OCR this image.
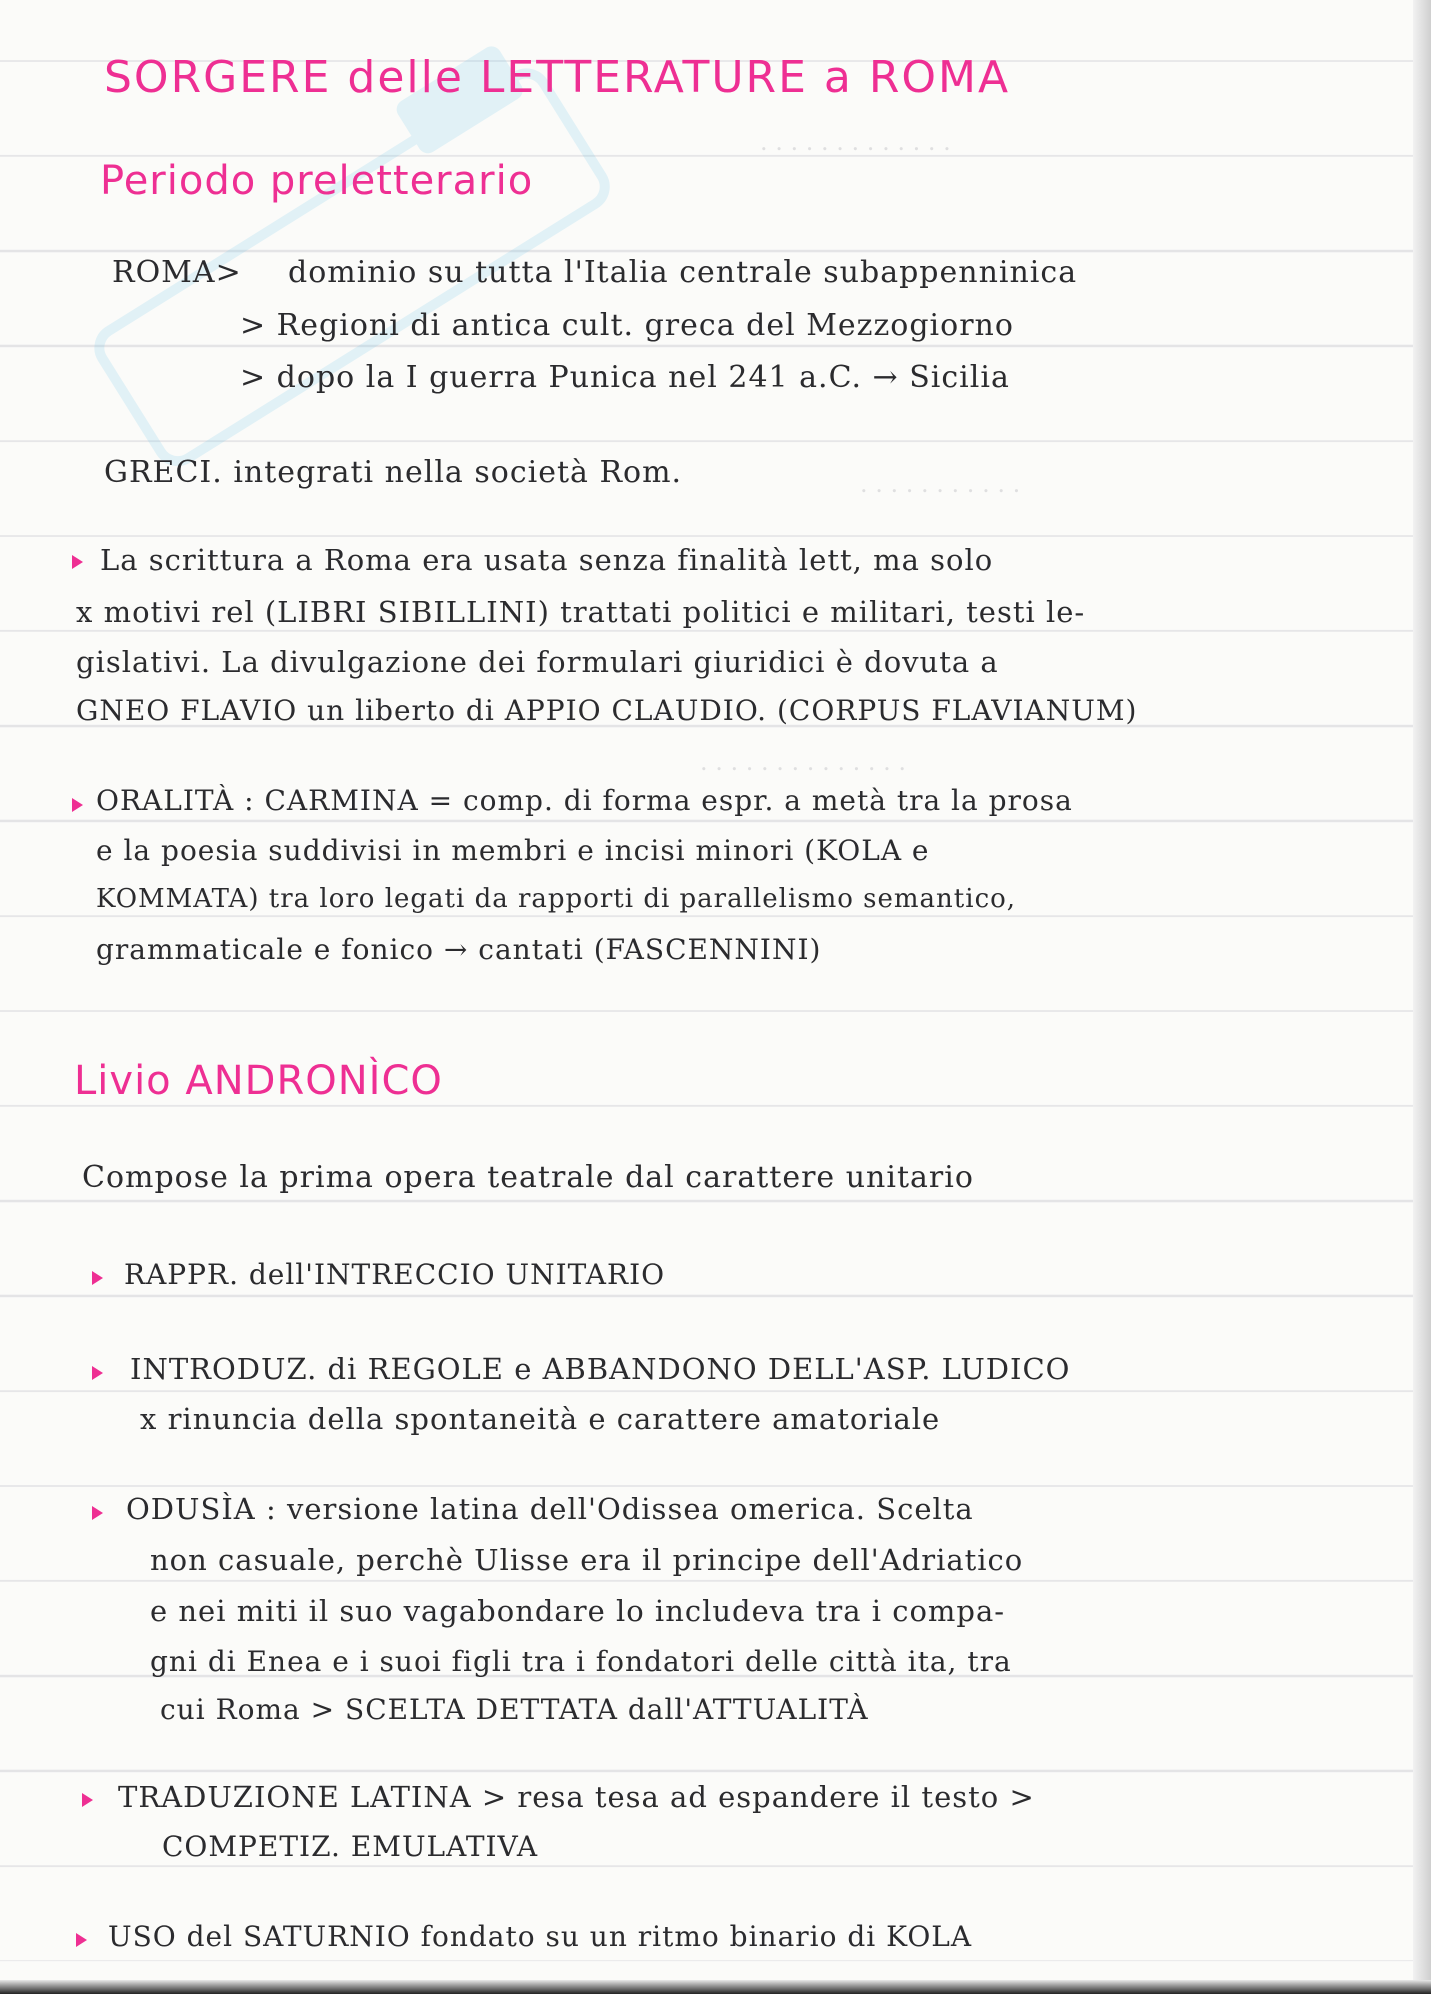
. . . . . . . . . . . . .
. . . . . . . . . . .
. . . . . . . . . . . . . .
SORGERE delle LETTERATURE a ROMA
Periodo preletterario
ROMA> dominio su tutta l'Italia centrale subappenninica
> Regioni di antica cult. greca del Mezzogiorno
> dopo la I guerra Punica nel 241 a.C. → Sicilia
GRECI. integrati nella società Rom.
La scrittura a Roma era usata senza finalità lett, ma solo
x motivi rel (LIBRI SIBILLINI) trattati politici e militari, testi le-
gislativi. La divulgazione dei formulari giuridici è dovuta a
GNEO FLAVIO un liberto di APPIO CLAUDIO. (CORPUS FLAVIANUM)
ORALITÀ : CARMINA = comp. di forma espr. a metà tra la prosa
e la poesia suddivisi in membri e incisi minori (KOLA e
KOMMATA) tra loro legati da rapporti di parallelismo semantico,
grammaticale e fonico → cantati (FASCENNINI)
Livio ANDRONÌCO
Compose la prima opera teatrale dal carattere unitario
RAPPR. dell'INTRECCIO UNITARIO
INTRODUZ. di REGOLE e ABBANDONO DELL'ASP. LUDICO
x rinuncia della spontaneità e carattere amatoriale
ODUSÌA : versione latina dell'Odissea omerica. Scelta
non casuale, perchè Ulisse era il principe dell'Adriatico
e nei miti il suo vagabondare lo includeva tra i compa-
gni di Enea e i suoi figli tra i fondatori delle città ita, tra
cui Roma > SCELTA DETTATA dall'ATTUALITÀ
TRADUZIONE LATINA > resa tesa ad espandere il testo >
COMPETIZ. EMULATIVA
USO del SATURNIO fondato su un ritmo binario di KOLA
